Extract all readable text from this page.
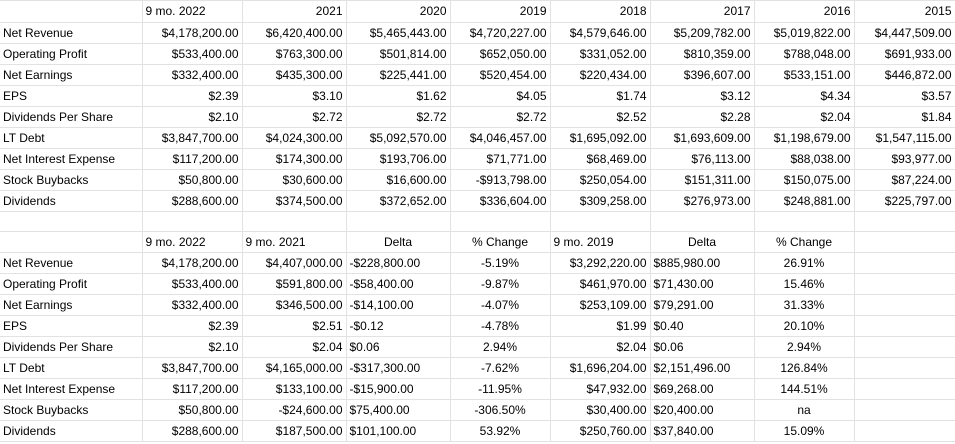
	9 mo. 2022	2021	2020	2019	2018	2017	2016	2015
Net Revenue	$4,178,200.00	$6,420,400.00	$5,465,443.00	$4,720,227.00	$4,579,646.00	$5,209,782.00	$5,019,822.00	$4,447,509.00
Operating Profit	$533,400.00	$763,300.00	$501,814.00	$652,050.00	$331,052.00	$810,359.00	$788,048.00	$691,933.00
Net Earnings	$332,400.00	$435,300.00	$225,441.00	$520,454.00	$220,434.00	$396,607.00	$533,151.00	$446,872.00
EPS	$2.39	$3.10	$1.62	$4.05	$1.74	$3.12	$4.34	$3.57
Dividends Per Share	$2.10	$2.72	$2.72	$2.72	$2.52	$2.28	$2.04	$1.84
LT Debt	$3,847,700.00	$4,024,300.00	$5,092,570.00	$4,046,457.00	$1,695,092.00	$1,693,609.00	$1,198,679.00	$1,547,115.00
Net Interest Expense	$117,200.00	$174,300.00	$193,706.00	$71,771.00	$68,469.00	$76,113.00	$88,038.00	$93,977.00
Stock Buybacks	$50,800.00	$30,600.00	$16,600.00	-$913,798.00	$250,054.00	$151,311.00	$150,075.00	$87,224.00
Dividends	$288,600.00	$374,500.00	$372,652.00	$336,604.00	$309,258.00	$276,973.00	$248,881.00	$225,797.00

	9 mo. 2022	9 mo. 2021	Delta	% Change	9 mo. 2019	Delta	% Change	
Net Revenue	$4,178,200.00	$4,407,000.00	-$228,800.00	-5.19%	$3,292,220.00	$885,980.00	26.91%	
Operating Profit	$533,400.00	$591,800.00	-$58,400.00	-9.87%	$461,970.00	$71,430.00	15.46%	
Net Earnings	$332,400.00	$346,500.00	-$14,100.00	-4.07%	$253,109.00	$79,291.00	31.33%	
EPS	$2.39	$2.51	-$0.12	-4.78%	$1.99	$0.40	20.10%	
Dividends Per Share	$2.10	$2.04	$0.06	2.94%	$2.04	$0.06	2.94%	
LT Debt	$3,847,700.00	$4,165,000.00	-$317,300.00	-7.62%	$1,696,204.00	$2,151,496.00	126.84%	
Net Interest Expense	$117,200.00	$133,100.00	-$15,900.00	-11.95%	$47,932.00	$69,268.00	144.51%	
Stock Buybacks	$50,800.00	-$24,600.00	$75,400.00	-306.50%	$30,400.00	$20,400.00	na	
Dividends	$288,600.00	$187,500.00	$101,100.00	53.92%	$250,760.00	$37,840.00	15.09%	
